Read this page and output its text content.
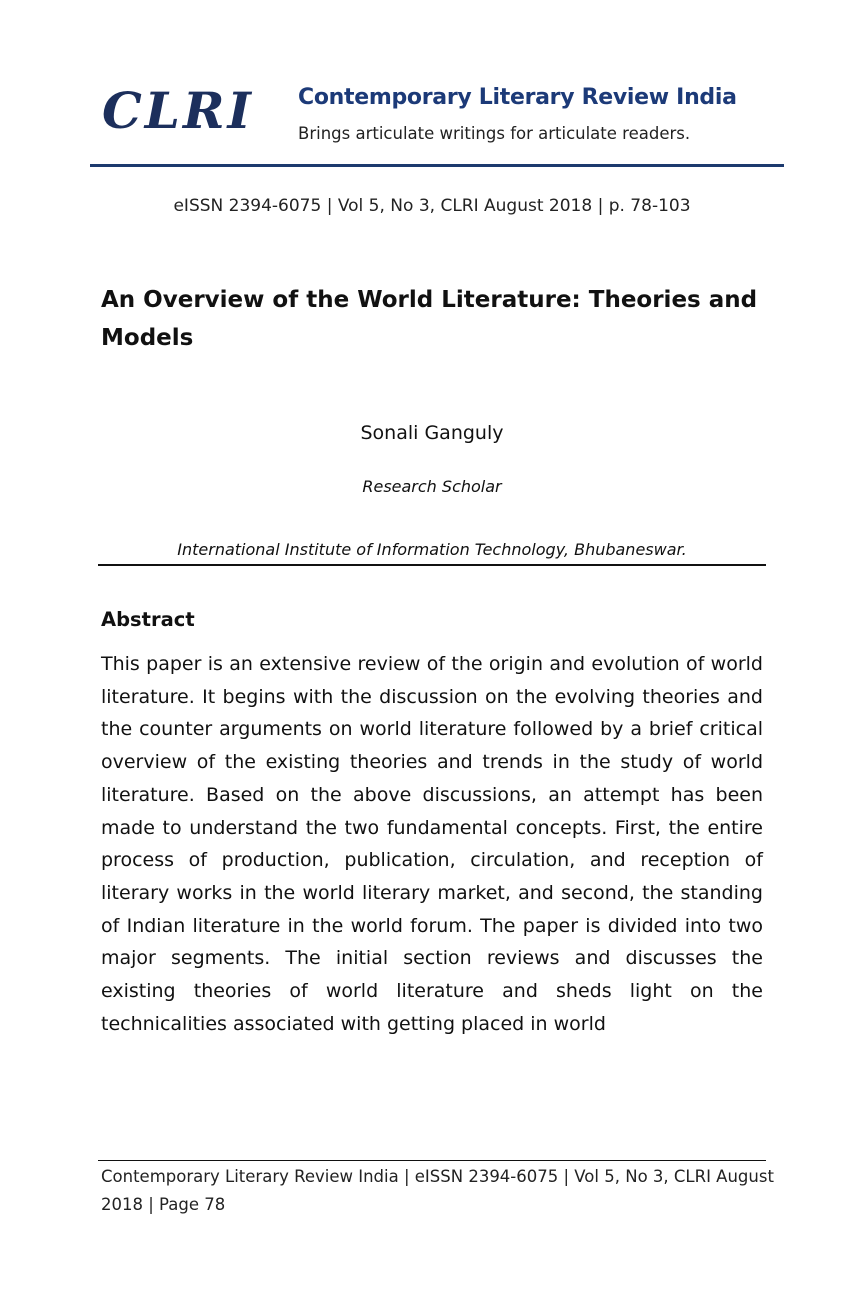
CLRI Contemporary Literary Review India
Brings articulate writings for articulate readers.

eISSN 2394-6075 | Vol 5, No 3, CLRI August 2018 | p. 78-103

An Overview of the World Literature: Theories and Models

Sonali Ganguly

Research Scholar

International Institute of Information Technology, Bhubaneswar.

Abstract

This paper is an extensive review of the origin and evolution of world literature. It begins with the discussion on the evolving theories and the counter arguments on world literature followed by a brief critical overview of the existing theories and trends in the study of world literature. Based on the above discussions, an attempt has been made to understand the two fundamental concepts. First, the entire process of production, publication, circulation, and reception of literary works in the world literary market, and second, the standing of Indian literature in the world forum. The paper is divided into two major segments. The initial section reviews and discusses the existing theories of world literature and sheds light on the technicalities associated with getting placed in world

Contemporary Literary Review India | eISSN 2394-6075 | Vol 5, No 3, CLRI August 2018 | Page 78
